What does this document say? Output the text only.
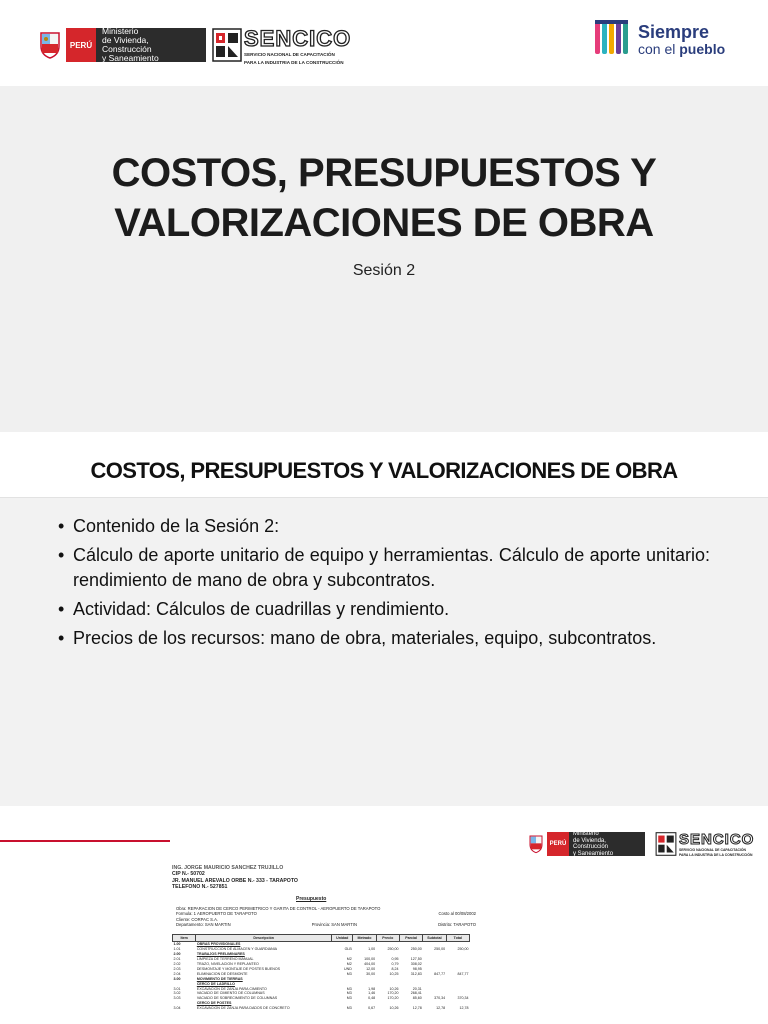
PERÚ
Ministerio
de Vivienda, Construcción
y Saneamiento
SENCICO
SERVICIO NACIONAL DE CAPACITACIÓN
PARA LA INDUSTRIA DE LA CONSTRUCCIÓN
Siempre
con el pueblo
COSTOS, PRESUPUESTOS Y
VALORIZACIONES DE OBRA
Sesión 2
COSTOS, PRESUPUESTOS Y VALORIZACIONES DE OBRA
• Contenido de la Sesión 2:
• Cálculo de aporte unitario de equipo y herramientas. Cálculo de aporte unitario: rendimiento de mano de obra y subcontratos.
• Actividad: Cálculos de cuadrillas y rendimiento.
• Precios de los recursos: mano de obra, materiales, equipo, subcontratos.
PERÚ
Ministerio
de Vivienda, Construcción
y Saneamiento
SENCICO
SERVICIO NACIONAL DE CAPACITACIÓN
PARA LA INDUSTRIA DE LA CONSTRUCCIÓN
ING. JORGE MAURICIO SANCHEZ TRUJILLO
CIP N.- 50702
JR. MANUEL AREVALO ORBE N.- 333 - TARAPOTO
TELEFONO N.- 527851
Presupuesto
Obra: REPARACION DE CERCO PERIMETRICO Y GARITA DE CONTROL - AEROPUERTO DE TARAPOTO
Formula: 1 AEROPUERTO DE TARAPOTO	Costo al 00/08/2002
Cliente: CORPAC S.A.
Departamento: SAN MARTIN	Provincia: SAN MARTIN	Distrito: TARAPOTO
Item	Descripción	Unidad	Metrado	Precio	Parcial	Subtotal	Total
1.00	OBRAS PROVISIONALES						
1.01	CONSTRUCCION DE ALMACEN Y GUARDIANIA	GLB	1,00	250,00	250,00	250,00	250,00

2.00	TRABAJOS PRELIMINARES						
2.01	LIMPIEZA DE TERRENO MANUAL	M2	100,00	0,95	127,50		
2.02	TRAZO, NIVELACION Y REPLANTEO	M2	404,00	0,79	308,02		
2.03	DESMONTAJE Y MONTAJE DE POSTES BUENOS	UND	12,00	8,24	98,95		
2.04	ELIMINACION DE DESMONTE	M3	30,00	10,25	312,83	847,77	847,77
3.00	MOVIMIENTO DE TIERRAS						
	CERCO DE LADRILLO						
3.01	EXCAVACION DE ZANJA PARA CIMIENTO	M3	1,98	10,26	20,31		
3.02	VACIADO DE CIMIENTO DE COLUMNAS	M3	1,46	170,20	268,41		
3.03	VACIADO DE SOBRECIMIENTO DE COLUMNAS	M3	0,48	170,20	85,60	370,34	370,34
	CERCO DE POSTES						
3.04	EXCAVACION DE ZANJA PARA DADOS DE CONCRETO	M3	0,67	10,26	12,78	12,78	12,78
